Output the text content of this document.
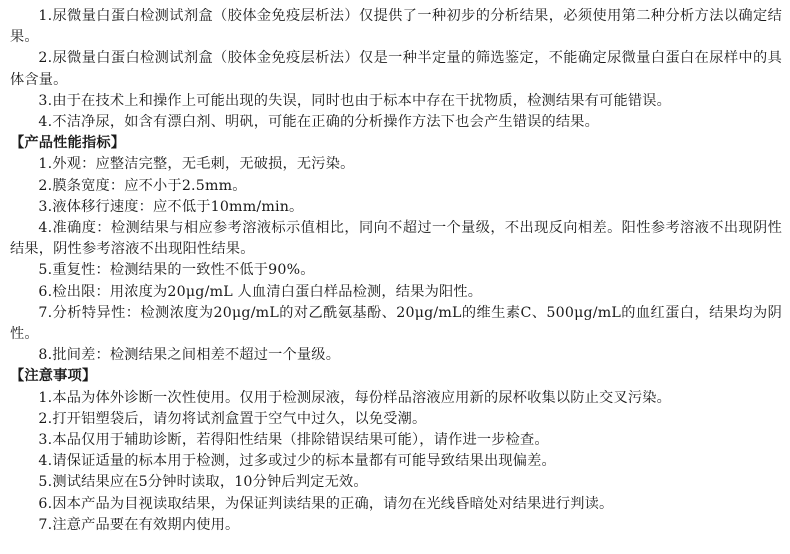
1.尿微量白蛋白检测试剂盒（胶体金免疫层析法）仅提供了一种初步的分析结果，必须使用第二种分析方法以确定结果。

2.尿微量白蛋白检测试剂盒（胶体金免疫层析法）仅是一种半定量的筛选鉴定，不能确定尿微量白蛋白在尿样中的具体含量。

3.由于在技术上和操作上可能出现的失误，同时也由于标本中存在干扰物质，检测结果有可能错误。

4.不洁净尿，如含有漂白剂、明矾，可能在正确的分析操作方法下也会产生错误的结果。

【产品性能指标】

1.外观：应整洁完整，无毛刺，无破损，无污染。

2.膜条宽度：应不小于2.5mm。

3.液体移行速度：应不低于10mm/min。

4.准确度：检测结果与相应参考溶液标示值相比，同向不超过一个量级，不出现反向相差。阳性参考溶液不出现阴性结果，阴性参考溶液不出现阳性结果。

5.重复性：检测结果的一致性不低于90%。

6.检出限：用浓度为20μg/mL 人血清白蛋白样品检测，结果为阳性。

7.分析特异性：检测浓度为20μg/mL的对乙酰氨基酚、20μg/mL的维生素C、500μg/mL的血红蛋白，结果均为阴性。

8.批间差：检测结果之间相差不超过一个量级。

【注意事项】

1.本品为体外诊断一次性使用。仅用于检测尿液，每份样品溶液应用新的尿杯收集以防止交叉污染。

2.打开铝塑袋后，请勿将试剂盒置于空气中过久，以免受潮。

3.本品仅用于辅助诊断，若得阳性结果（排除错误结果可能），请作进一步检查。

4.请保证适量的标本用于检测，过多或过少的标本量都有可能导致结果出现偏差。

5.测试结果应在5分钟时读取，10分钟后判定无效。

6.因本产品为目视读取结果，为保证判读结果的正确，请勿在光线昏暗处对结果进行判读。

7.注意产品要在有效期内使用。
